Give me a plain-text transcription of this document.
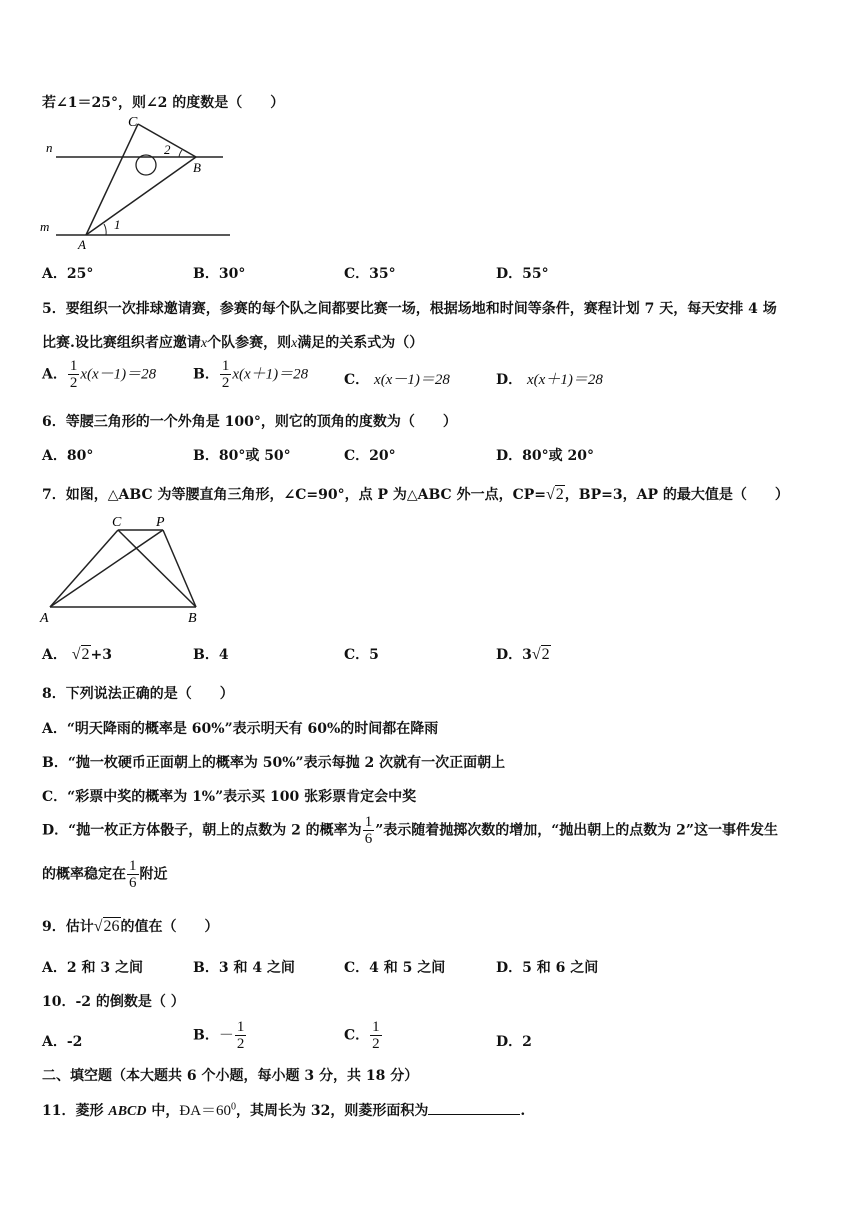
若∠1＝25°，则∠2 的度数是（　　）
C
n	2
B
m
A
1
A．25°	B．30°	C．35°	D．55°
5．要组织一次排球邀请赛，参赛的每个队之间都要比赛一场，根据场地和时间等条件，赛程计划 7 天，每天安排 4 场
比赛.设比赛组织者应邀请x个队参赛，则x满足的关系式为（）
A． $\frac{1}{2} x(x-1)=28$	B． $\frac{1}{2} x(x+1)=28$	C． x(x－1)＝28	D． x(x＋1)＝28
6．等腰三角形的一个外角是 100°，则它的顶角的度数为（　　）
A．80°	B．80°或 50°	C．20°	D．80°或 20°
7．如图，△ABC 为等腰直角三角形，∠C=90°，点 P 为△ABC 外一点，CP=√2，BP=3，AP 的最大值是（　　）
C P
A	B
A． √2+3	B．4	C．5	D．3√2
8．下列说法正确的是（　　）
A．“明天降雨的概率是 60%”表示明天有 60%的时间都在降雨
B．“抛一枚硬币正面朝上的概率为 50%”表示每抛 2 次就有一次正面朝上
C．“彩票中奖的概率为 1%”表示买 100 张彩票肯定会中奖
D．“抛一枚正方体骰子，朝上的点数为 2 的概率为 $\frac{1}{6}$ ”表示随着抛掷次数的增加，“抛出朝上的点数为 2”这一事件发生
的概率稳定在 $\frac{1}{6}$ 附近
9．估计√26的值在（　　）
A．2 和 3 之间	B．3 和 4 之间	C．4 和 5 之间	D．5 和 6 之间
10．-2 的倒数是（ ）
A．-2	B．－ $\frac{1}{2}$	C． $\frac{1}{2}$	D．2
二、填空题（本大题共 6 个小题，每小题 3 分，共 18 分）
11．菱形 ABCD 中，$ÐA=60^0$，其周长为 32，则菱形面积为	.
